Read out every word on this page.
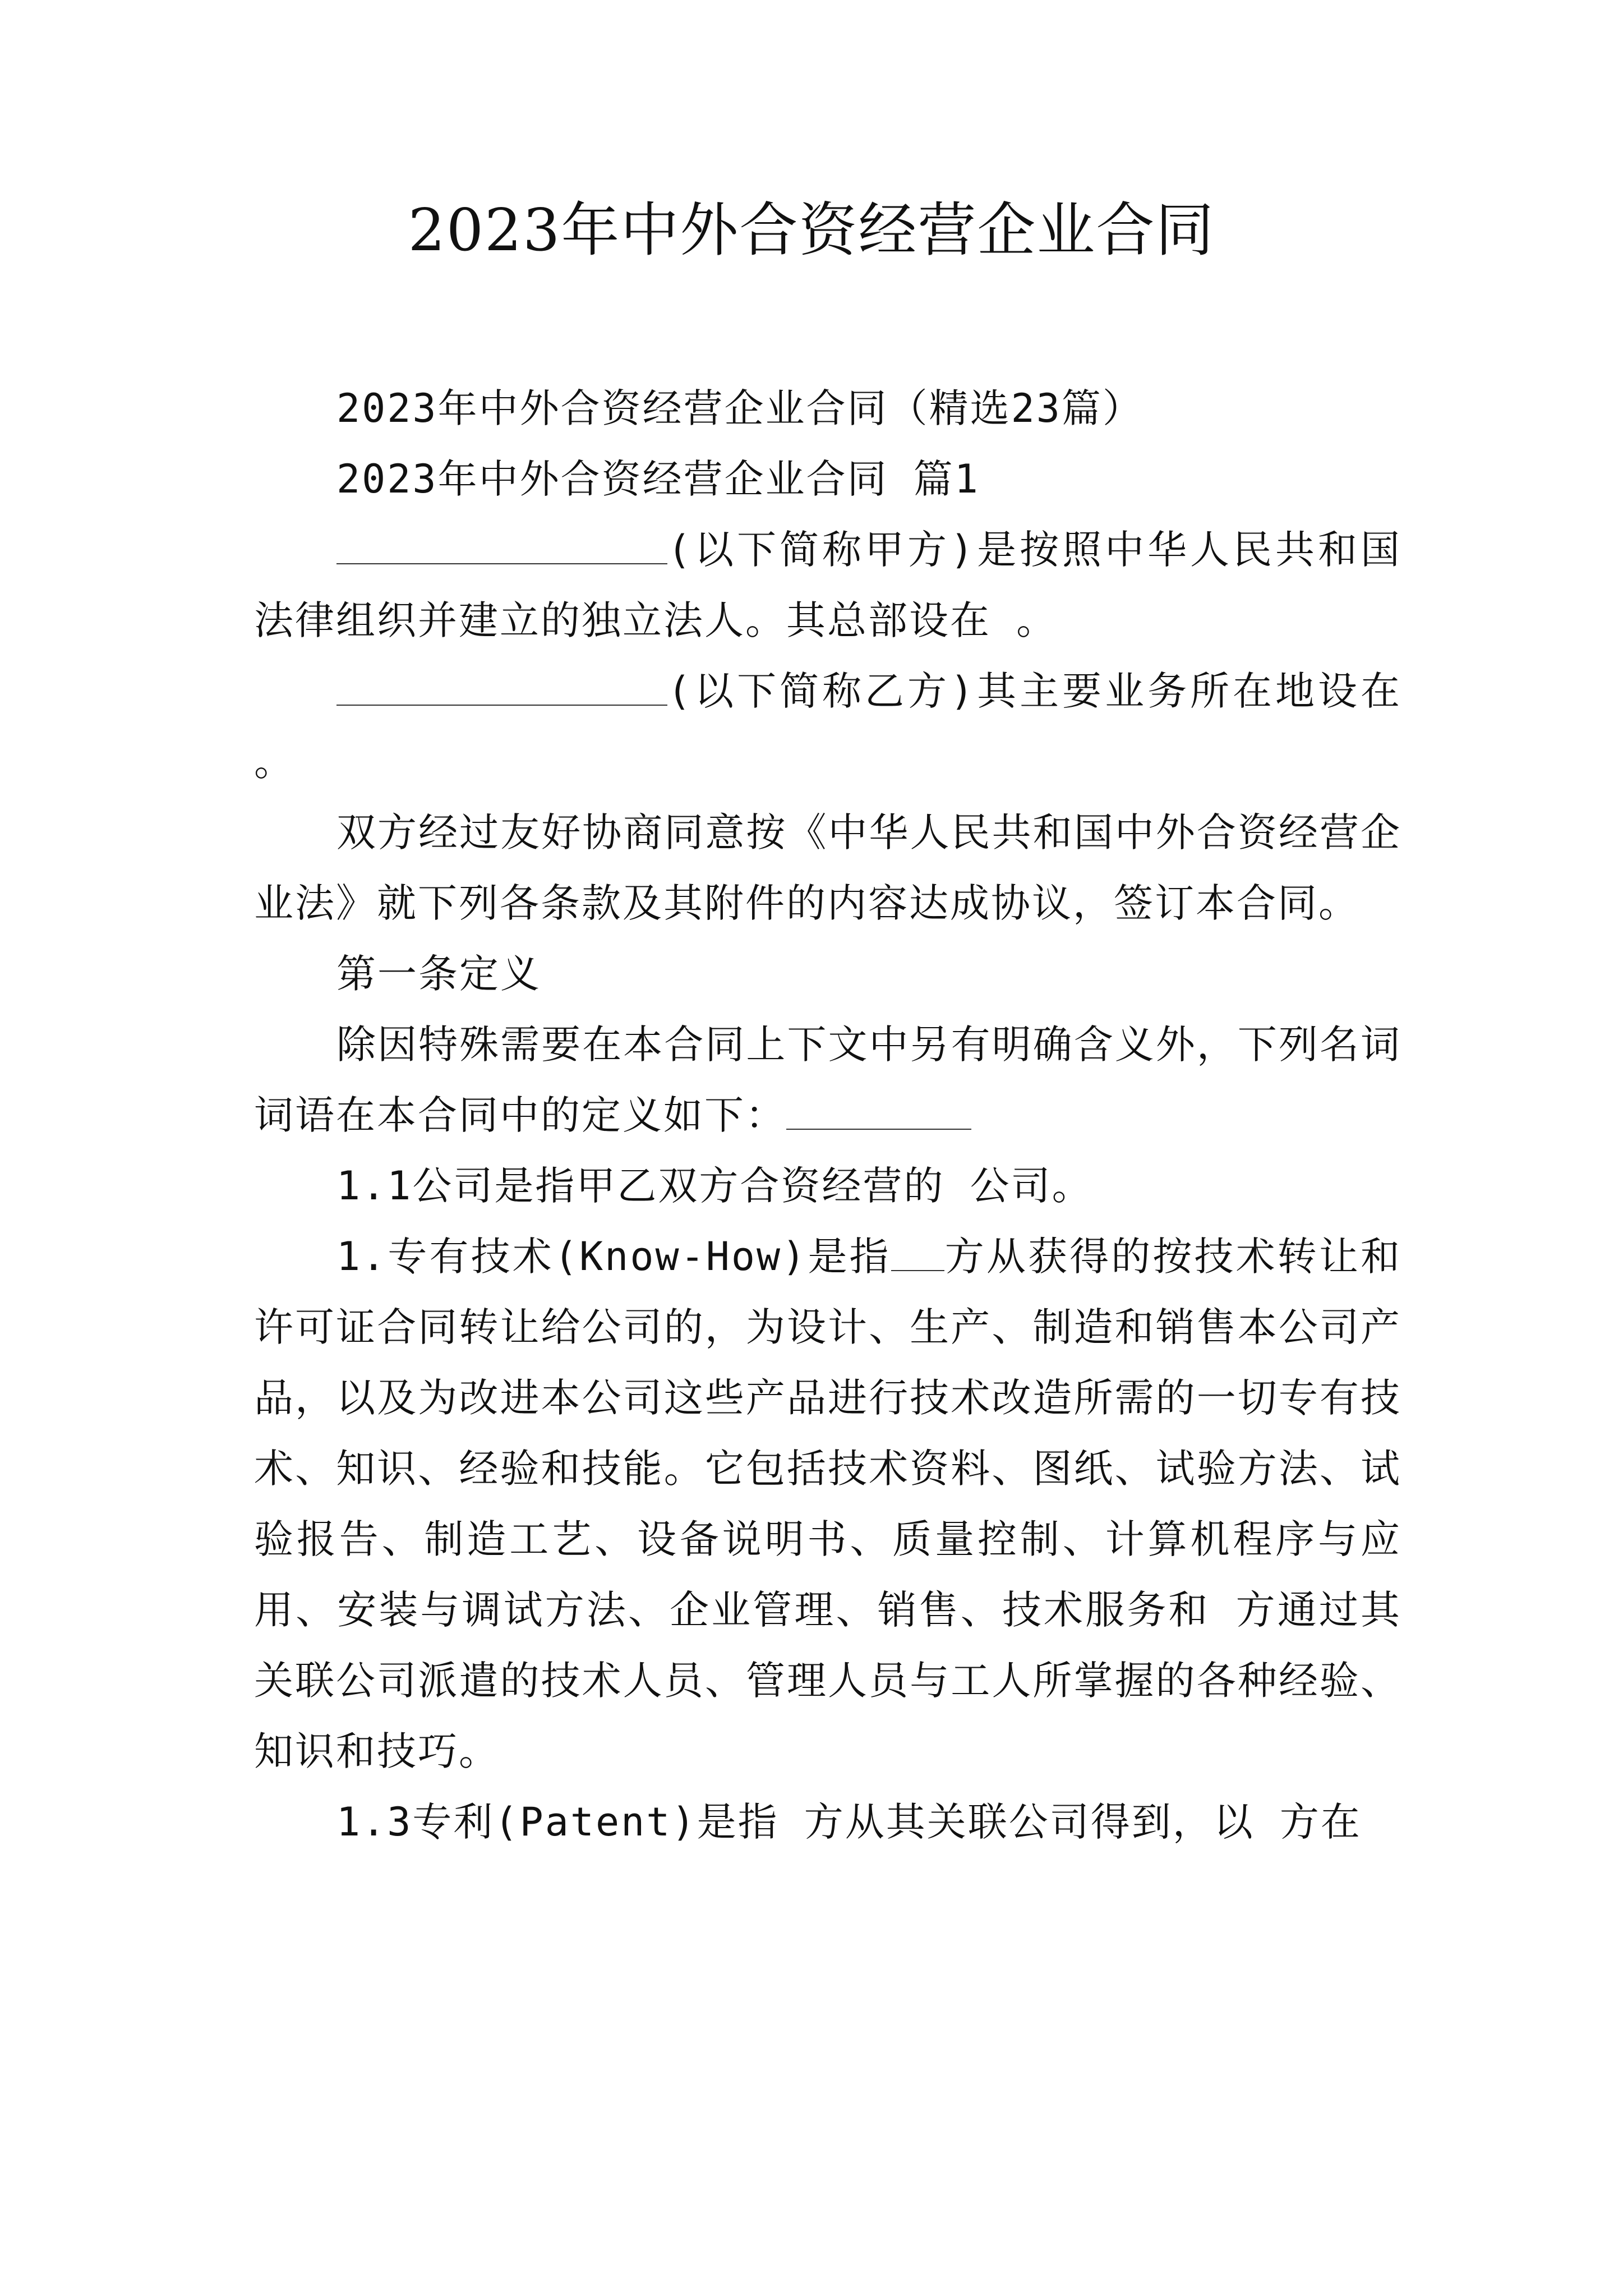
2023年中外合资经营企业合同

2023年中外合资经营企业合同（精选23篇）

2023年中外合资经营企业合同 篇1

(以下简称甲方)是按照中华人民共和国法律组织并建立的独立法人。其总部设在 。

(以下简称乙方)其主要业务所在地设在 。

双方经过友好协商同意按《中华人民共和国中外合资经营企业法》就下列各条款及其附件的内容达成协议，签订本合同。

第一条定义

除因特殊需要在本合同上下文中另有明确含义外，下列名词词语在本合同中的定义如下：

1.1公司是指甲乙双方合资经营的 公司。

1.专有技术(Know-How)是指 方从获得的按技术转让和许可证合同转让给公司的，为设计、生产、制造和销售本公司产品，以及为改进本公司这些产品进行技术改造所需的一切专有技术、知识、经验和技能。它包括技术资料、图纸、试验方法、试验报告、制造工艺、设备说明书、质量控制、计算机程序与应用、安装与调试方法、企业管理、销售、技术服务和 方通过其关联公司派遣的技术人员、管理人员与工人所掌握的各种经验、知识和技巧。

1.3专利(Patent)是指 方从其关联公司得到，以 方在
